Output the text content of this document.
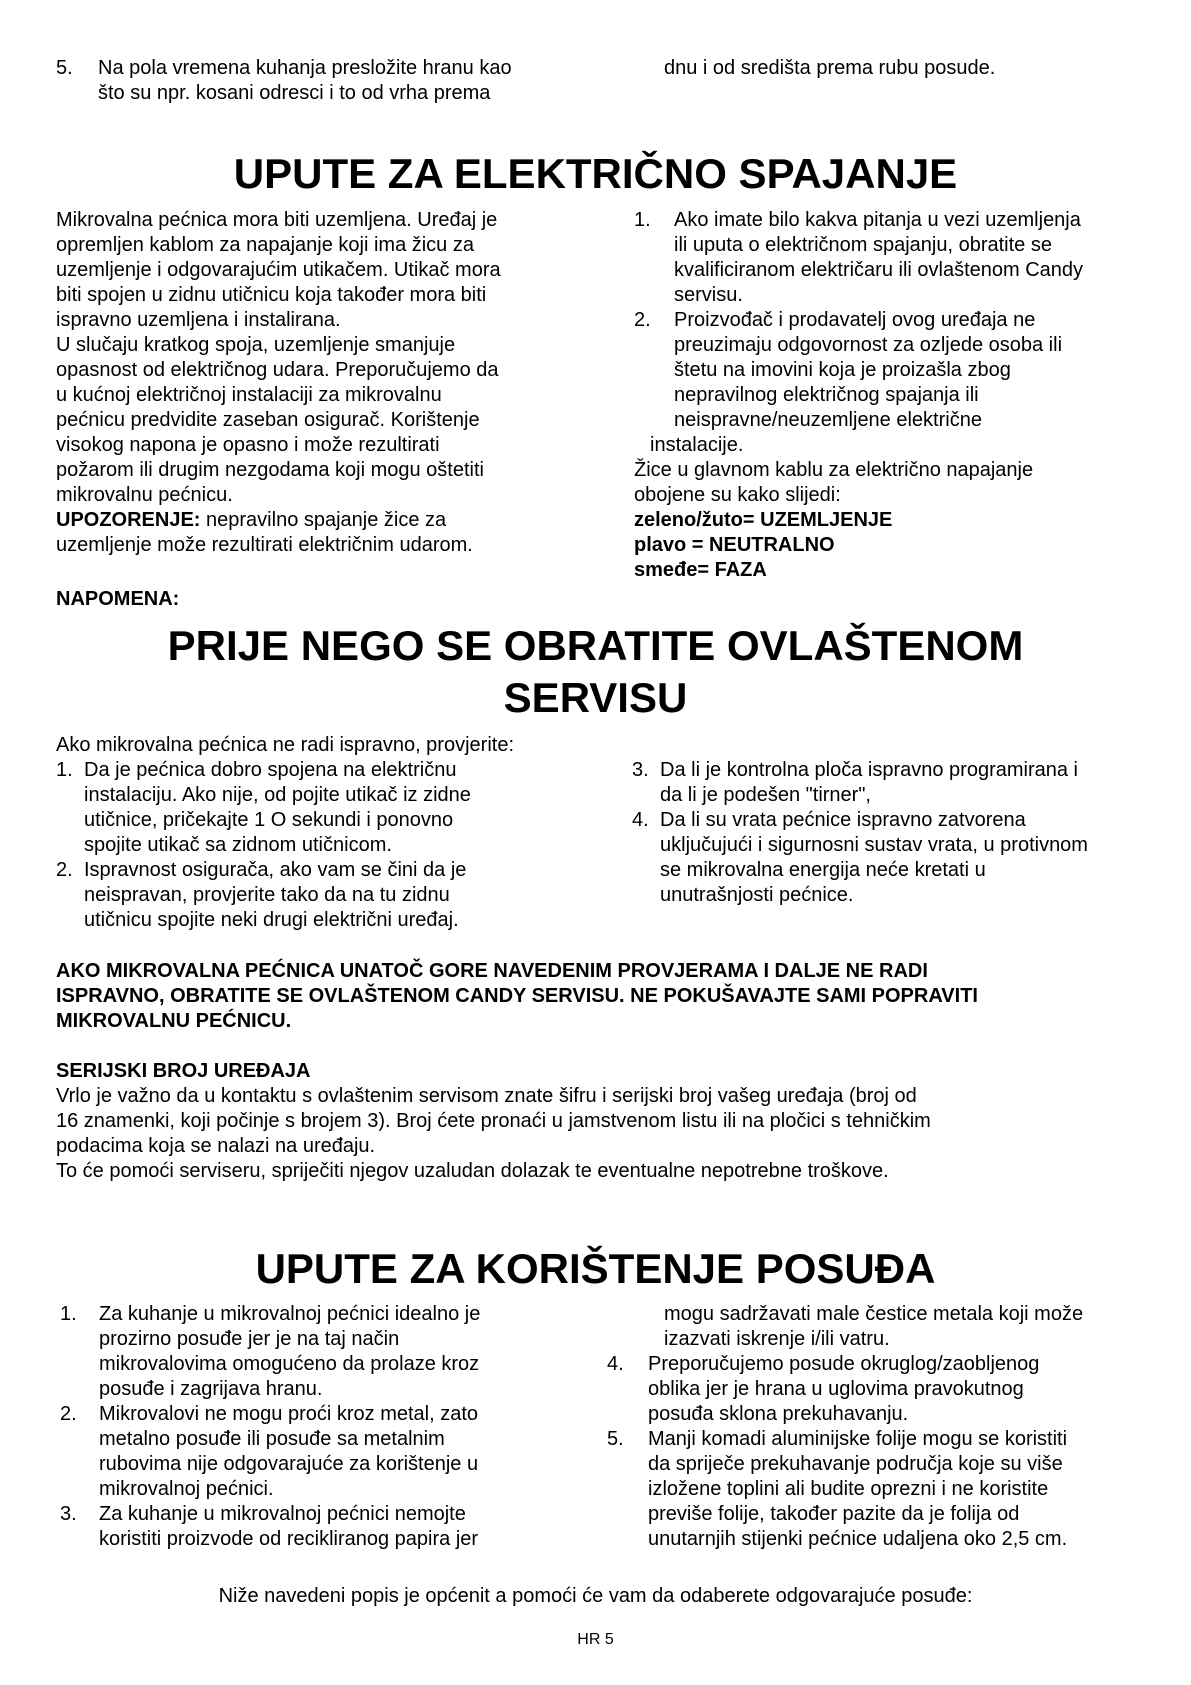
5. Na pola vremena kuhanja presložite hranu kao

što su npr. kosani odresci i to od vrha prema

dnu i od središta prema rubu posude.

UPUTE ZA ELEKTRIČNO SPAJANJE

Mikrovalna pećnica mora biti uzemljena. Uređaj je

opremljen kablom za napajanje koji ima žicu za

uzemljenje i odgovarajućim utikačem. Utikač mora

biti spojen u zidnu utičnicu koja također mora biti

ispravno uzemljena i instalirana.

U slučaju kratkog spoja, uzemljenje smanjuje

opasnost od električnog udara. Preporučujemo da

u kućnoj električnoj instalaciji za mikrovalnu

pećnicu predvidite zaseban osigurač. Korištenje

visokog napona je opasno i može rezultirati

požarom ili drugim nezgodama koji mogu oštetiti

mikrovalnu pećnicu.

UPOZORENJE: nepravilno spajanje žice za

uzemljenje može rezultirati električnim udarom.

NAPOMENA:

1. Ako imate bilo kakva pitanja u vezi uzemljenja

ili uputa o električnom spajanju, obratite se

kvalificiranom električaru ili ovlaštenom Candy

servisu.

2. Proizvođač i prodavatelj ovog uređaja ne

preuzimaju odgovornost za ozljede osoba ili

štetu na imovini koja je proizašla zbog

nepravilnog električnog spajanja ili

neispravne/neuzemljene električne

instalacije.

Žice u glavnom kablu za električno napajanje

obojene su kako slijedi:

zeleno/žuto= UZEMLJENJE

plavo = NEUTRALNO

smeđe= FAZA

PRIJE NEGO SE OBRATITE OVLAŠTENOM
SERVISU

Ako mikrovalna pećnica ne radi ispravno, provjerite:

1. Da je pećnica dobro spojena na električnu

instalaciju. Ako nije, od pojite utikač iz zidne

utičnice, pričekajte 1 O sekundi i ponovno

spojite utikač sa zidnom utičnicom.

2. Ispravnost osigurača, ako vam se čini da je

neispravan, provjerite tako da na tu zidnu

utičnicu spojite neki drugi električni uređaj.

3. Da li je kontrolna ploča ispravno programirana i

da li je podešen "tirner",

4. Da li su vrata pećnice ispravno zatvorena

uključujući i sigurnosni sustav vrata, u protivnom

se mikrovalna energija neće kretati u

unutrašnjosti pećnice.

AKO MIKROVALNA PEĆNICA UNATOČ GORE NAVEDENIM PROVJERAMA I DALJE NE RADI

ISPRAVNO, OBRATITE SE OVLAŠTENOM CANDY SERVISU. NE POKUŠAVAJTE SAMI POPRAVITI

MIKROVALNU PEĆNICU.

SERIJSKI BROJ UREĐAJA

Vrlo je važno da u kontaktu s ovlaštenim servisom znate šifru i serijski broj vašeg uređaja (broj od

16 znamenki, koji počinje s brojem 3). Broj ćete pronaći u jamstvenom listu ili na pločici s tehničkim

podacima koja se nalazi na uređaju.

To će pomoći serviseru, spriječiti njegov uzaludan dolazak te eventualne nepotrebne troškove.

UPUTE ZA KORIŠTENJE POSUĐA
1. Za kuhanje u mikrovalnoj pećnici idealno je

prozirno posuđe jer je na taj način

mikrovalovima omogućeno da prolaze kroz

posuđe i zagrijava hranu.

2. Mikrovalovi ne mogu proći kroz metal, zato

metalno posuđe ili posuđe sa metalnim

rubovima nije odgovarajuće za korištenje u

mikrovalnoj pećnici.

3. Za kuhanje u mikrovalnoj pećnici nemojte

koristiti proizvode od recikliranog papira jer

mogu sadržavati male čestice metala koji može

izazvati iskrenje i/ili vatru.

4. Preporučujemo posude okruglog/zaobljenog

oblika jer je hrana u uglovima pravokutnog

posuđa sklona prekuhavanju.

5. Manji komadi aluminijske folije mogu se koristiti

da spriječe prekuhavanje područja koje su više

izložene toplini ali budite oprezni i ne koristite

previše folije, također pazite da je folija od

unutarnjih stijenki pećnice udaljena oko 2,5 cm.

Niže navedeni popis je općenit a pomoći će vam da odaberete odgovarajuće posuđe:

HR 5
